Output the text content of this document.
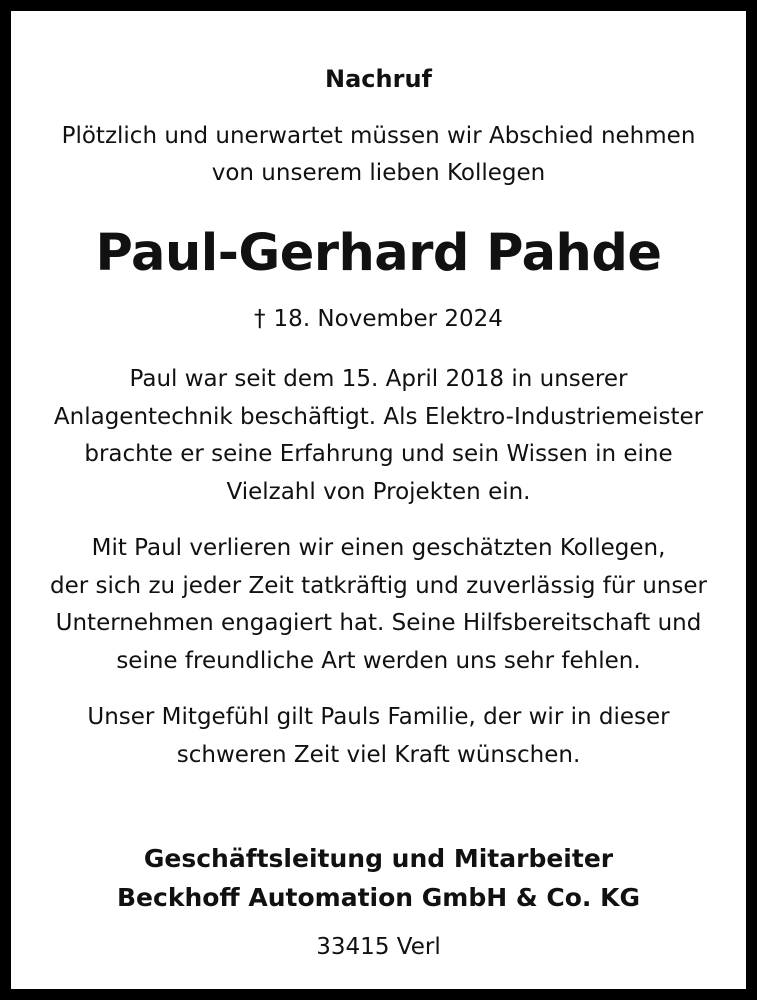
Nachruf
Plötzlich und unerwartet müssen wir Abschied nehmen
von unserem lieben Kollegen
Paul-Gerhard Pahde
† 18. November 2024
Paul war seit dem 15. April 2018 in unserer
Anlagentechnik beschäftigt. Als Elektro-Industriemeister
brachte er seine Erfahrung und sein Wissen in eine
Vielzahl von Projekten ein.
Mit Paul verlieren wir einen geschätzten Kollegen,
der sich zu jeder Zeit tatkräftig und zuverlässig für unser
Unternehmen engagiert hat. Seine Hilfsbereitschaft und
seine freundliche Art werden uns sehr fehlen.
Unser Mitgefühl gilt Pauls Familie, der wir in dieser
schweren Zeit viel Kraft wünschen.
Geschäftsleitung und Mitarbeiter
Beckhoff Automation GmbH & Co. KG
33415 Verl
